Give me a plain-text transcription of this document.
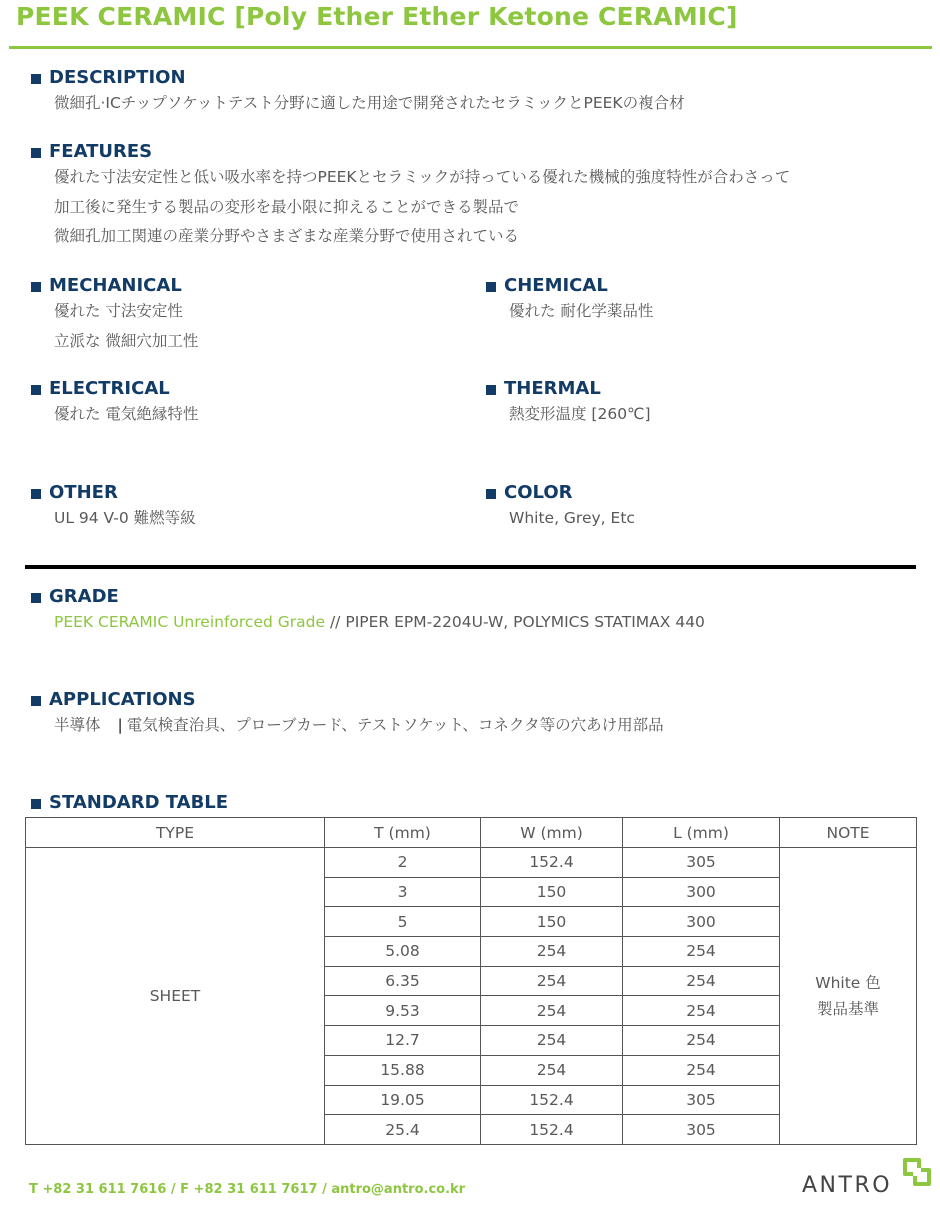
PEEK CERAMIC [Poly Ether Ether Ketone CERAMIC]
DESCRIPTION
微細孔·ICチップソケットテスト分野に適した用途で開発されたセラミックとPEEKの複合材
FEATURES
優れた寸法安定性と低い吸水率を持つPEEKとセラミックが持っている優れた機械的強度特性が合わさって
加工後に発生する製品の変形を最小限に抑えることができる製品で
微細孔加工関連の産業分野やさまざまな産業分野で使用されている
MECHANICAL
優れた 寸法安定性
立派な 微細穴加工性
CHEMICAL
優れた 耐化学薬品性
ELECTRICAL
優れた 電気絶縁特性
THERMAL
熱変形温度 [260℃]
OTHER
UL 94 V-0 難燃等級
COLOR
White, Grey, Etc
GRADE
PEEK CERAMIC Unreinforced Grade // PIPER EPM-2204U-W, POLYMICS STATIMAX 440
APPLICATIONS
半導体 | 電気検査治具、プローブカード、テストソケット、コネクタ等の穴あけ用部品
STANDARD TABLE
TYPE	T (mm)	W (mm)	L (mm)	NOTE
SHEET	2	152.4	305	White 色
製品基準

	3	150	300	
	5	150	300	
	5.08	254	254	
	6.35	254	254	
	9.53	254	254	
	12.7	254	254	
	15.88	254	254	
	19.05	152.4	305	
	25.4	152.4	305	
T +82 31 611 7616 / F +82 31 611 7617 / antro@antro.co.kr	ANTRO
